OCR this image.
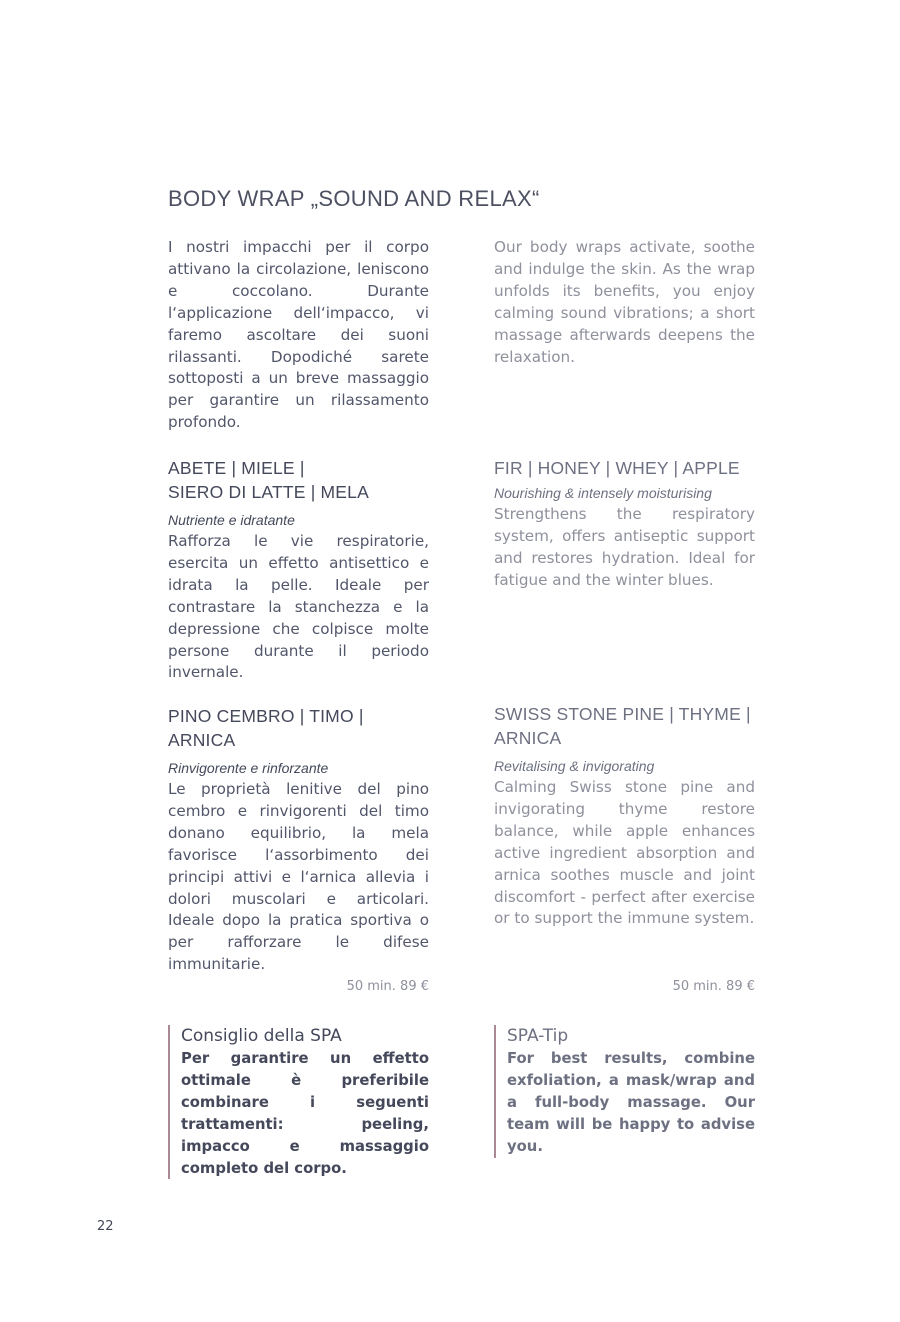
BODY WRAP „SOUND AND RELAX“

I nostri impacchi per il corpo attivano la circolazione, leniscono e coccolano. Durante l‘applicazione dell‘impacco, vi faremo ascoltare dei suoni rilassanti. Dopodiché sarete sottoposti a un breve massaggio per garantire un rilassamento profondo.

Our body wraps activate, soothe and indulge the skin. As the wrap unfolds its benefits, you enjoy calming sound vibrations; a short massage afterwards deepens the relaxation.

ABETE | MIELE |
SIERO DI LATTE | MELA

Nutriente e idratante

Rafforza le vie respiratorie, esercita un effetto antisettico e idrata la pelle. Ideale per contrastare la stanchezza e la depressione che colpisce molte persone durante il periodo invernale.

FIR | HONEY | WHEY | APPLE

Nourishing & intensely moisturising

Strengthens the respiratory system, offers antiseptic support and restores hydration. Ideal for fatigue and the winter blues.

PINO CEMBRO | TIMO |
ARNICA

Rinvigorente e rinforzante

Le proprietà lenitive del pino cembro e rinvigorenti del timo donano equilibrio, la mela favorisce l‘assorbimento dei principi attivi e l‘arnica allevia i dolori muscolari e articolari. Ideale dopo la pratica sportiva o per rafforzare le difese immunitarie.

SWISS STONE PINE | THYME |
ARNICA

Revitalising & invigorating

Calming Swiss stone pine and invigorating thyme restore balance, while apple enhances active ingredient absorption and arnica soothes muscle and joint discomfort - perfect after exercise or to support the immune system.

50 min. 89 €	50 min. 89 €

Consiglio della SPA

Per garantire un effetto ottimale è preferibile combinare i seguenti trattamenti: peeling, impacco e massaggio completo del corpo.

SPA-Tip

For best results, combine exfoliation, a mask/wrap and a full-body massage. Our team will be happy to advise you.

22
